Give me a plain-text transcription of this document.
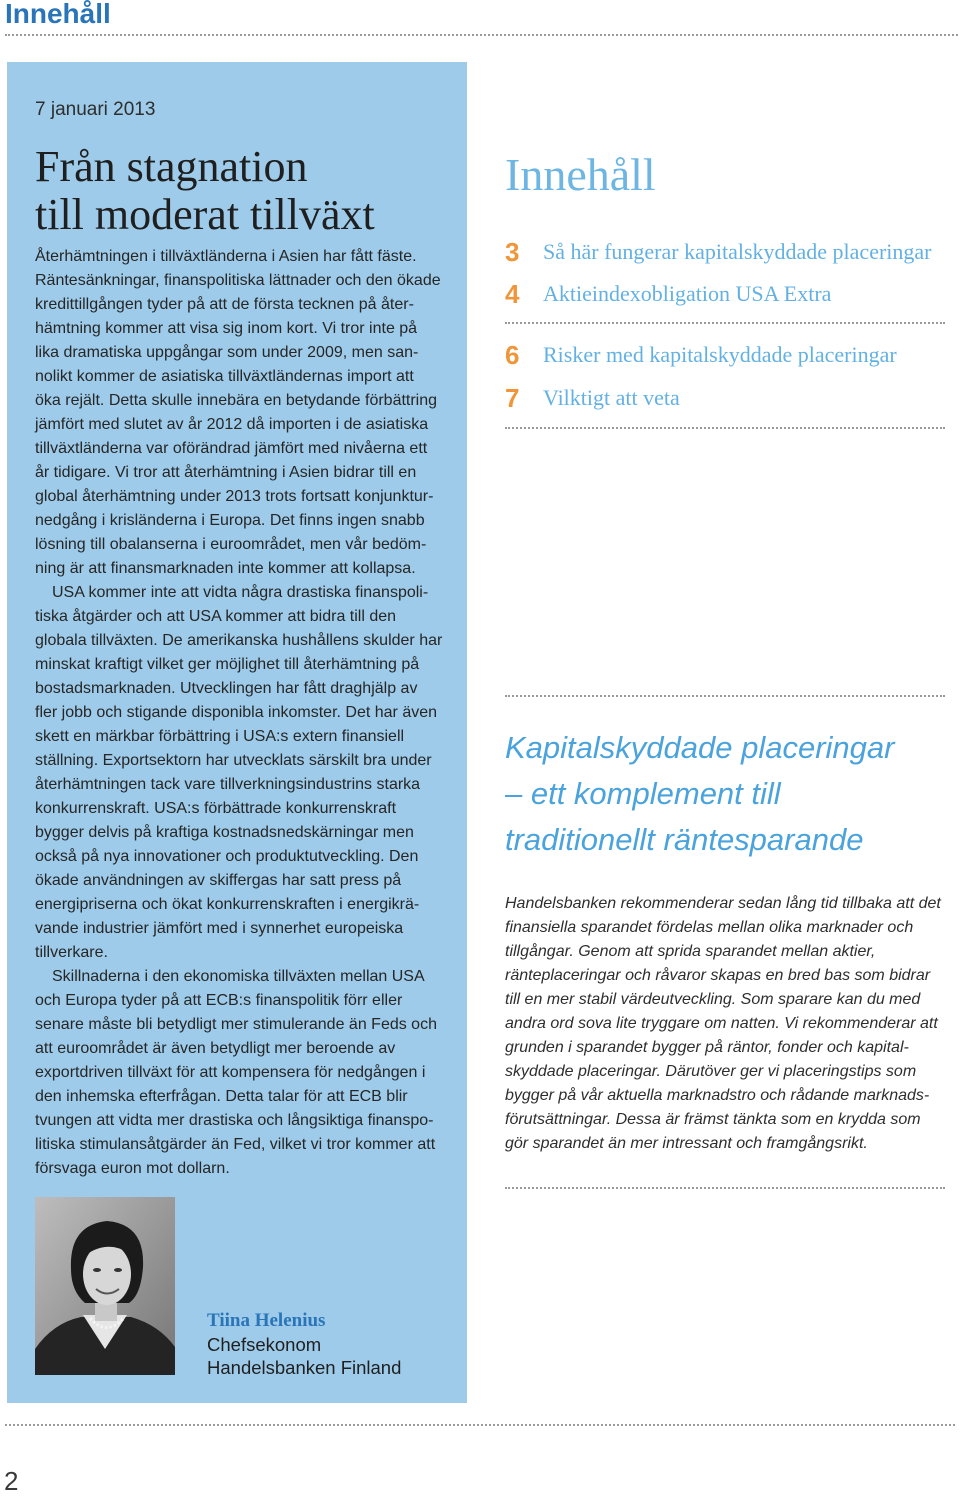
Innehåll
7 januari 2013
Från stagnation
till moderat tillväxt
Återhämtningen i tillväxtländerna i Asien har fått fäste.
Räntesänkningar, finanspolitiska lättnader och den ökade
kredittillgången tyder på att de första tecknen på åter-
hämtning kommer att visa sig inom kort. Vi tror inte på
lika dramatiska uppgångar som under 2009, men san-
nolikt kommer de asiatiska tillväxtländernas import att
öka rejält. Detta skulle innebära en betydande förbättring
jämfört med slutet av år 2012 då importen i de asiatiska
tillväxtländerna var oförändrad jämfört med nivåerna ett
år tidigare. Vi tror att återhämtning i Asien bidrar till en
global återhämtning under 2013 trots fortsatt konjunktur-
nedgång i krisländerna i Europa. Det finns ingen snabb
lösning till obalanserna i euroområdet, men vår bedöm-
ning är att finansmarknaden inte kommer att kollapsa.
USA kommer inte att vidta några drastiska finanspoli-
tiska åtgärder och att USA kommer att bidra till den
globala tillväxten. De amerikanska hushållens skulder har
minskat kraftigt vilket ger möjlighet till återhämtning på
bostadsmarknaden. Utvecklingen har fått draghjälp av
fler jobb och stigande disponibla inkomster. Det har även
skett en märkbar förbättring i USA:s extern finansiell
ställning. Exportsektorn har utvecklats särskilt bra under
återhämtningen tack vare tillverkningsindustrins starka
konkurrenskraft. USA:s förbättrade konkurrenskraft
bygger delvis på kraftiga kostnadsnedskärningar men
också på nya innovationer och produktutveckling. Den
ökade användningen av skiffergas har satt press på
energipriserna och ökat konkurrenskraften i energikrä-
vande industrier jämfört med i synnerhet europeiska
tillverkare.
Skillnaderna i den ekonomiska tillväxten mellan USA
och Europa tyder på att ECB:s finanspolitik förr eller
senare måste bli betydligt mer stimulerande än Feds och
att euroområdet är även betydligt mer beroende av
exportdriven tillväxt för att kompensera för nedgången i
den inhemska efterfrågan. Detta talar för att ECB blir
tvungen att vidta mer drastiska och långsiktiga finanspo-
litiska stimulansåtgärder än Fed, vilket vi tror kommer att
försvaga euron mot dollarn.
Tiina Helenius
Chefsekonom
Handelsbanken Finland
Innehåll
3 Så här fungerar kapitalskyddade placeringar
4 Aktieindexobligation USA Extra
6 Risker med kapitalskyddade placeringar
7 Vilktigt att veta
Kapitalskyddade placeringar
– ett komplement till
traditionellt räntesparande
Handelsbanken rekommenderar sedan lång tid tillbaka att det
finansiella sparandet fördelas mellan olika marknader och
tillgångar. Genom att sprida sparandet mellan aktier,
ränteplaceringar och råvaror skapas en bred bas som bidrar
till en mer stabil värdeutveckling. Som sparare kan du med
andra ord sova lite tryggare om natten. Vi rekommenderar att
grunden i sparandet bygger på räntor, fonder och kapital-
skyddade placeringar. Därutöver ger vi placeringstips som
bygger på vår aktuella marknadstro och rådande marknads-
förutsättningar. Dessa är främst tänkta som en krydda som
gör sparandet än mer intressant och framgångsrikt.
2
